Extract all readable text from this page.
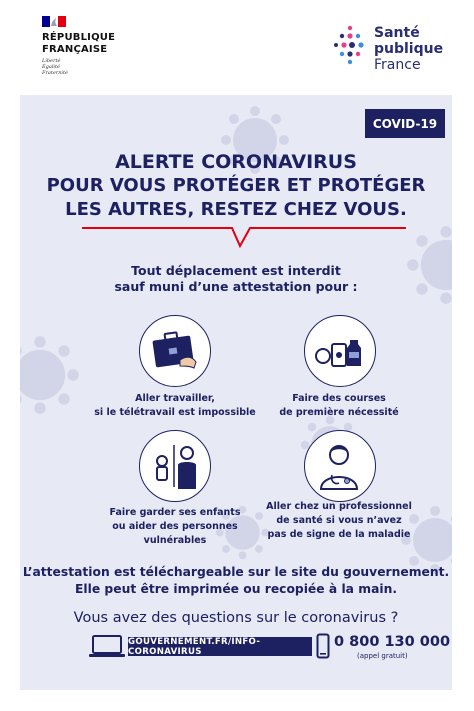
RÉPUBLIQUE
FRANÇAISE
Liberté
Égalité
Fraternité
Santé
publique
France
COVID-19
ALERTE CORONAVIRUS
POUR VOUS PROTÉGER ET PROTÉGER
LES AUTRES, RESTEZ CHEZ VOUS.
Tout déplacement est interdit
sauf muni d’une attestation pour :
Aller travailler,
si le télétravail est impossible
Faire des courses
de première nécessité
Faire garder ses enfants
ou aider des personnes
vulnérables
Aller chez un professionnel
de santé si vous n’avez
pas de signe de la maladie
L’attestation est téléchargeable sur le site du gouvernement.
Elle peut être imprimée ou recopiée à la main.
Vous avez des questions sur le coronavirus ?
GOUVERNEMENT.FR/INFO-CORONAVIRUS
0 800 130 000
(appel gratuit)
